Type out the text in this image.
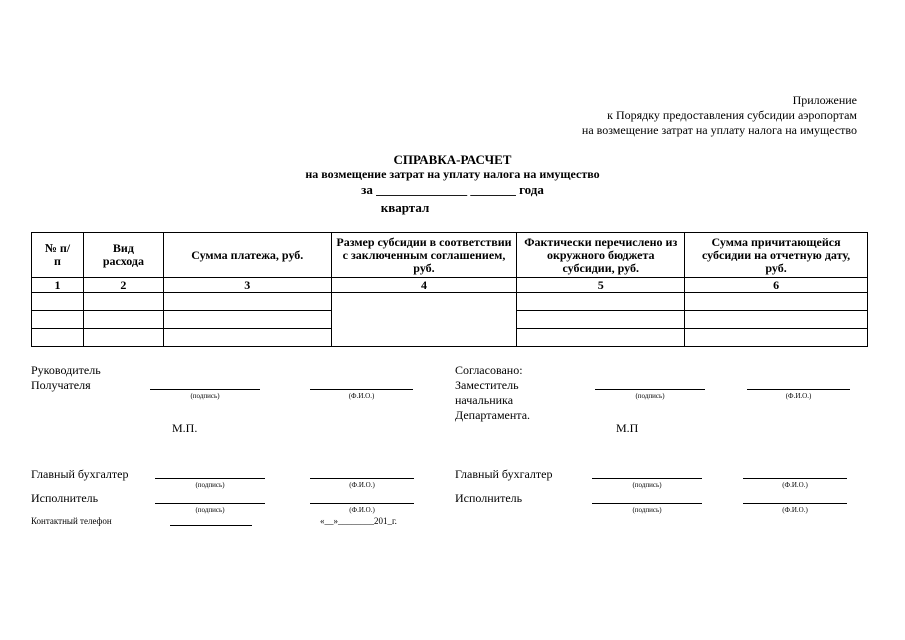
Приложение
к Порядку предоставления субсидии аэропортам
на возмещение затрат на уплату налога на имущество
СПРАВКА-РАСЧЕТ
на возмещение затрат на уплату налога на имущество
за ______________ _______ года
квартал
№ п/п	Вид расхода	Сумма платежа, руб.	Размер субсидии в соответствии с заключенным соглашением, руб.	Фактически перечислено из окружного бюджета субсидии, руб.	Сумма причитающейся субсидии на отчетную дату, руб.
1	2	3	4	5	6

Руководитель
Получателя
(подпись)	(Ф.И.О.)
М.П.
Главный бухгалтер
(подпись)	(Ф.И.О.)
Исполнитель
(подпись)	(Ф.И.О.)
Контактный телефон	«__»________201_г.
Согласовано:
Заместитель
начальника
Департамента.
(подпись)	(Ф.И.О.)
М.П
Главный бухгалтер
(подпись)	(Ф.И.О.)
Исполнитель
(подпись)	(Ф.И.О.)
